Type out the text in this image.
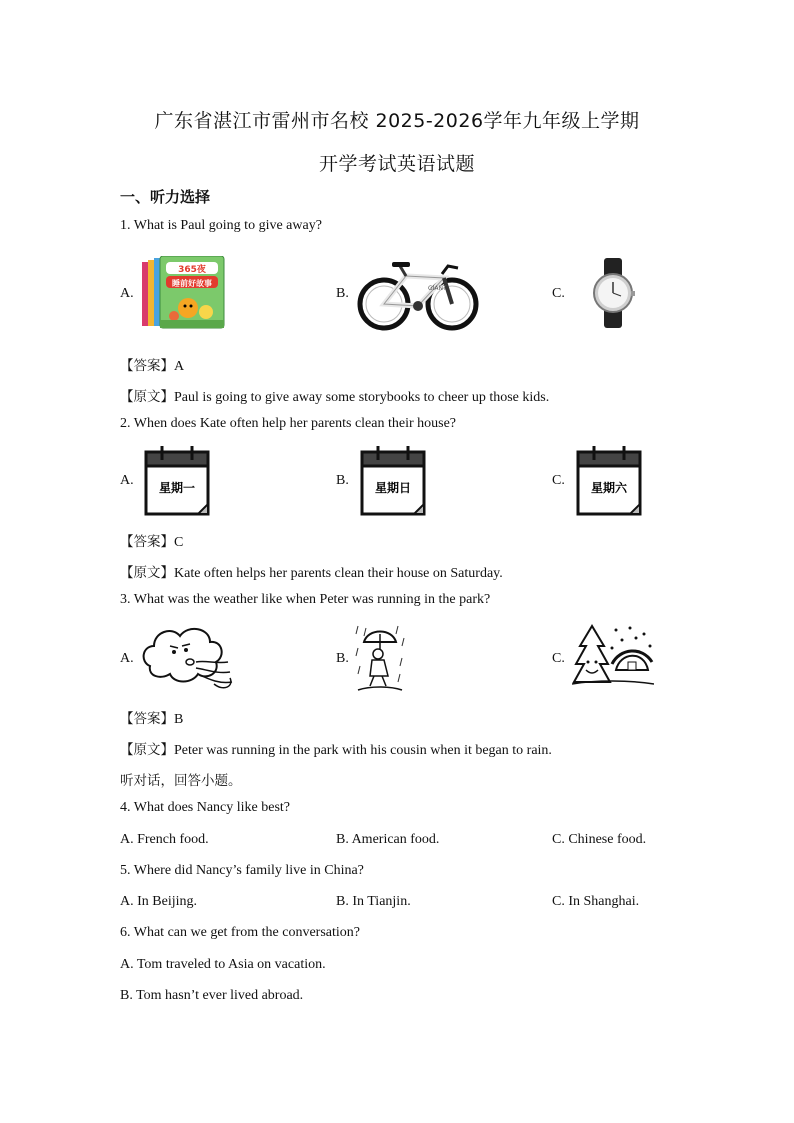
广东省湛江市雷州市名校 2025-2026学年九年级上学期
开学考试英语试题
一、听力选择
1. What is Paul going to give away?
A.
365夜
睡前好故事
B.	GIANT	C.
【答案】A
【原文】Paul is going to give away some storybooks to cheer up those kids.
2. When does Kate often help her parents clean their house?
A. 星期一	B. 星期日	C. 星期六
【答案】C
【原文】Kate often helps her parents clean their house on Saturday.
3. What was the weather like when Peter was running in the park?
A.	B.	C.
【答案】B
【原文】Peter was running in the park with his cousin when it began to rain.
听对话，回答小题。
4. What does Nancy like best?
A. French food.	B. American food.	C. Chinese food.
5. Where did Nancy’s family live in China?
A. In Beijing.	B. In Tianjin.	C. In Shanghai.
6. What can we get from the conversation?
A. Tom traveled to Asia on vacation.
B. Tom hasn’t ever lived abroad.
